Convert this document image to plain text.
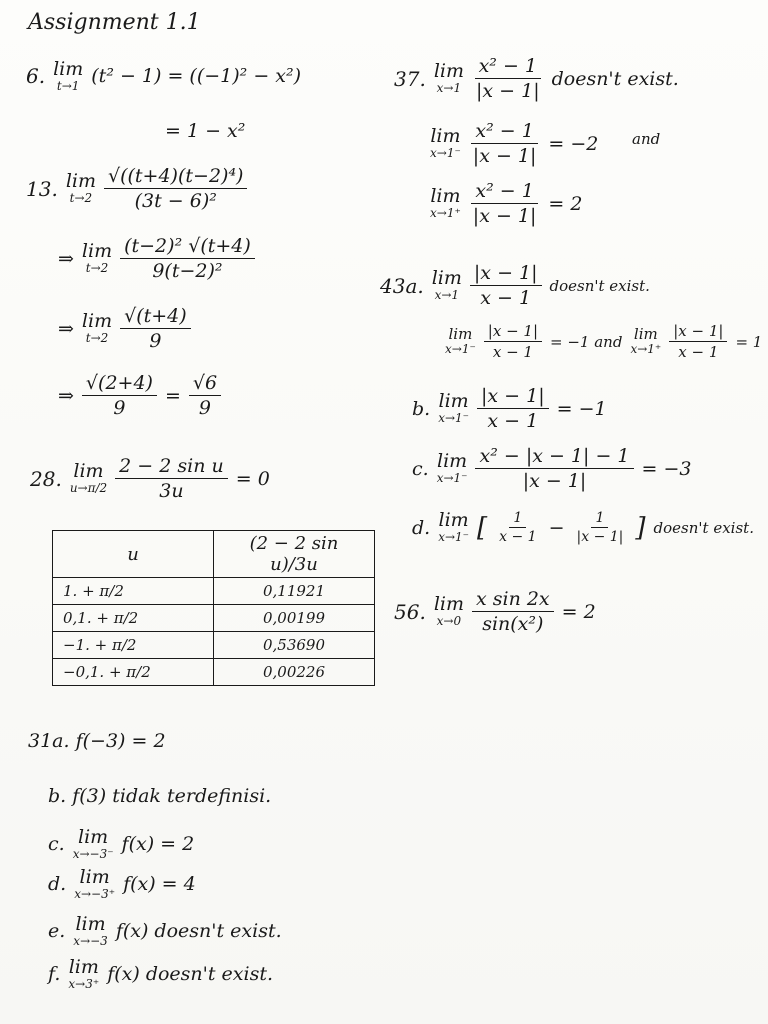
Assignment 1.1
6. lim
t→1 (t² − 1) = ((−1)² − x²)
= 1 − x²
13. lim
$t\to 2 \frac{\text{√((t+4)(t−2)⁴)}}{\text{(3t − 6)²}}$
⇒ lim
$t\to 2 \frac{\text{(t−2)² √(t+4)}}{\text{9(t−2)²}}$
⇒ lim
$t\to 2 \frac{√(t+4)}{9}$
⇒ $\frac{√(2+4)}{9} = \frac{√6}{9}$
28. lim
$u\to\pi/2 \frac{\text{2 − 2 sin u}}{3u} = 0$
u	(2 − 2 sin u)/3u
1. + π/2	0,11921
0,1. + π/2	0,00199
−1. + π/2	0,53690
−0,1. + π/2	0,00226
31a. f(−3) = 2
b. f(3) tidak terdefinisi.
c. lim
x→−3⁻ f(x) = 2
d. lim
x→−3⁺ f(x) = 4
e. lim
x→−3 f(x) doesn't exist.
f. lim
x→3⁺ f(x) doesn't exist.
37. lim
$x\to 1 \frac{\text{x² − 1}}{|x - 1|}$ doesn't exist.
lim
$x\to 1^- \frac{\text{x² − 1}}{|x - 1|} = -2$ and
lim
$x\to 1^+ \frac{\text{x² − 1}}{|x - 1|} = 2$
43a. lim
$x\to 1 \frac{|x - 1|}{x - 1}$ doesn't exist.
lim
$x\to 1^- \frac{|x - 1|}{x - 1} = -1$ and lim
$x\to 1^+ \frac{|x - 1|}{x - 1} = 1$
b. lim
$x\to 1^- \frac{|x - 1|}{x - 1} = -1$
c. lim
$x\to 1^- \frac{\text{x² − |x − 1| − 1}}{|x - 1|} = -3$
d. lim
x→1⁻ [ $\frac{1}{x - 1} - \frac{1}{|x - 1|}$ ] doesn't exist.
56. lim
$x\to 0 \frac{\text{x sin 2x}}{\text{sin(x²)}} = 2$
